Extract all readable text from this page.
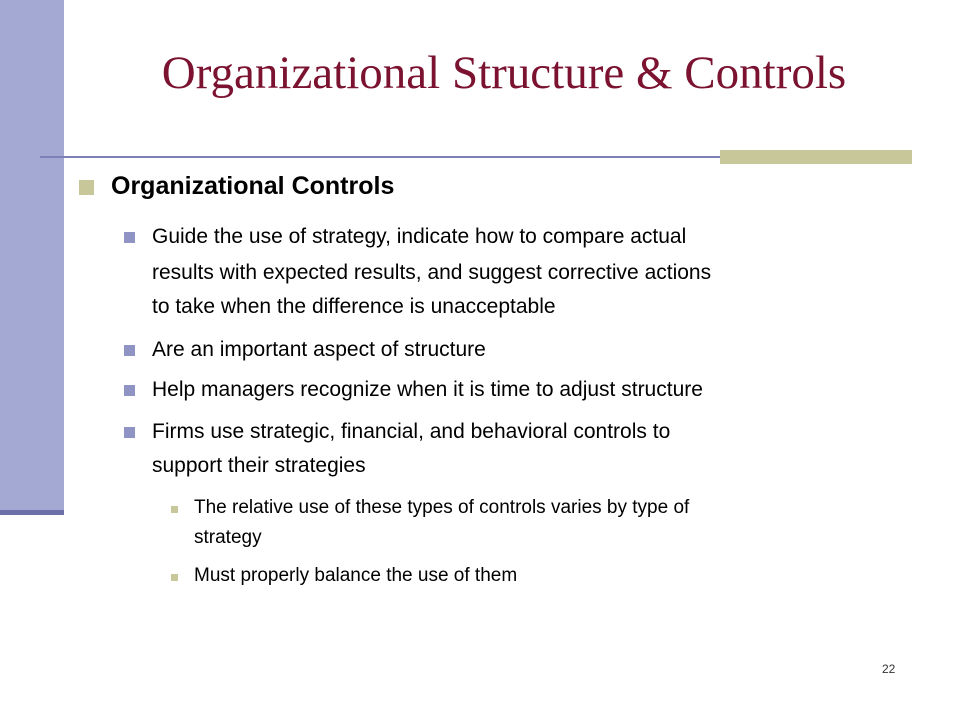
Organizational Structure & Controls
Organizational Controls
Guide the use of strategy, indicate how to compare actual
results with expected results, and suggest corrective actions
to take when the difference is unacceptable
Are an important aspect of structure
Help managers recognize when it is time to adjust structure
Firms use strategic, financial, and behavioral controls to
support their strategies
The relative use of these types of controls varies by type of
strategy
Must properly balance the use of them
22
